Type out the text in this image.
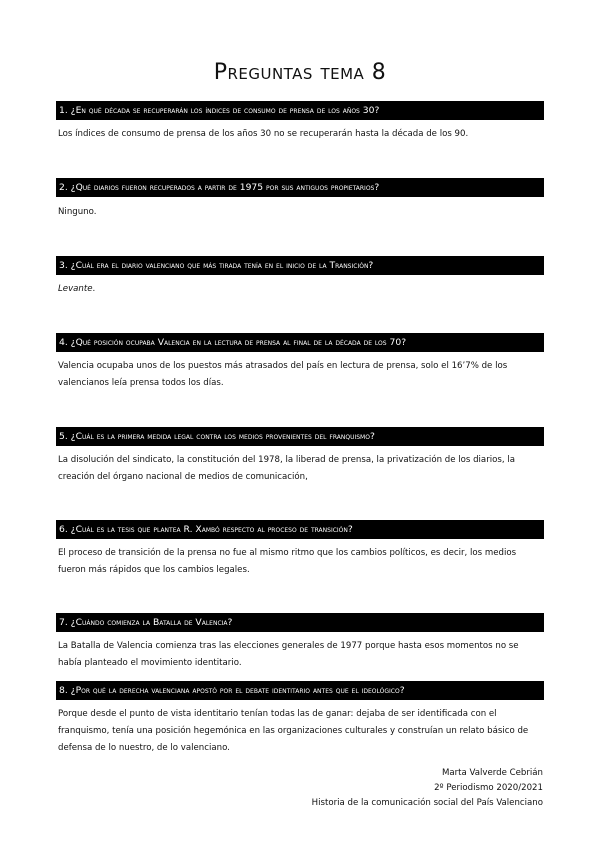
Preguntas tema 8
1. ¿En qué década se recuperarán los índices de consumo de prensa de los años 30?
Los índices de consumo de prensa de los años 30 no se recuperarán hasta la década de los 90.
2. ¿Qué diarios fueron recuperados a partir de 1975 por sus antiguos propietarios?
Ninguno.
3. ¿Cuál era el diario valenciano que más tirada tenía en el inicio de la Transición?
Levante.
4. ¿Qué posición ocupaba Valencia en la lectura de prensa al final de la década de los 70?
Valencia ocupaba unos de los puestos más atrasados del país en lectura de prensa, solo el 16’7% de los valencianos leía prensa todos los días.
5. ¿Cuál es la primera medida legal contra los medios provenientes del franquismo?
La disolución del sindicato, la constitución del 1978, la liberad de prensa, la privatización de los diarios, la creación del órgano nacional de medios de comunicación,
6. ¿Cuál es la tesis que plantea R. Xambó respecto al proceso de transición?
El proceso de transición de la prensa no fue al mismo ritmo que los cambios políticos, es decir, los medios fueron más rápidos que los cambios legales.
7. ¿Cuándo comienza la Batalla de Valencia?
La Batalla de Valencia comienza tras las elecciones generales de 1977 porque hasta esos momentos no se había planteado el movimiento identitario.
8. ¿Por qué la derecha valenciana apostó por el debate identitario antes que el ideológico?
Porque desde el punto de vista identitario tenían todas las de ganar: dejaba de ser identificada con el franquismo, tenía una posición hegemónica en las organizaciones culturales y construían un relato básico de defensa de lo nuestro, de lo valenciano.
Marta Valverde Cebrián
2º Periodismo 2020/2021
Historia de la comunicación social del País Valenciano
